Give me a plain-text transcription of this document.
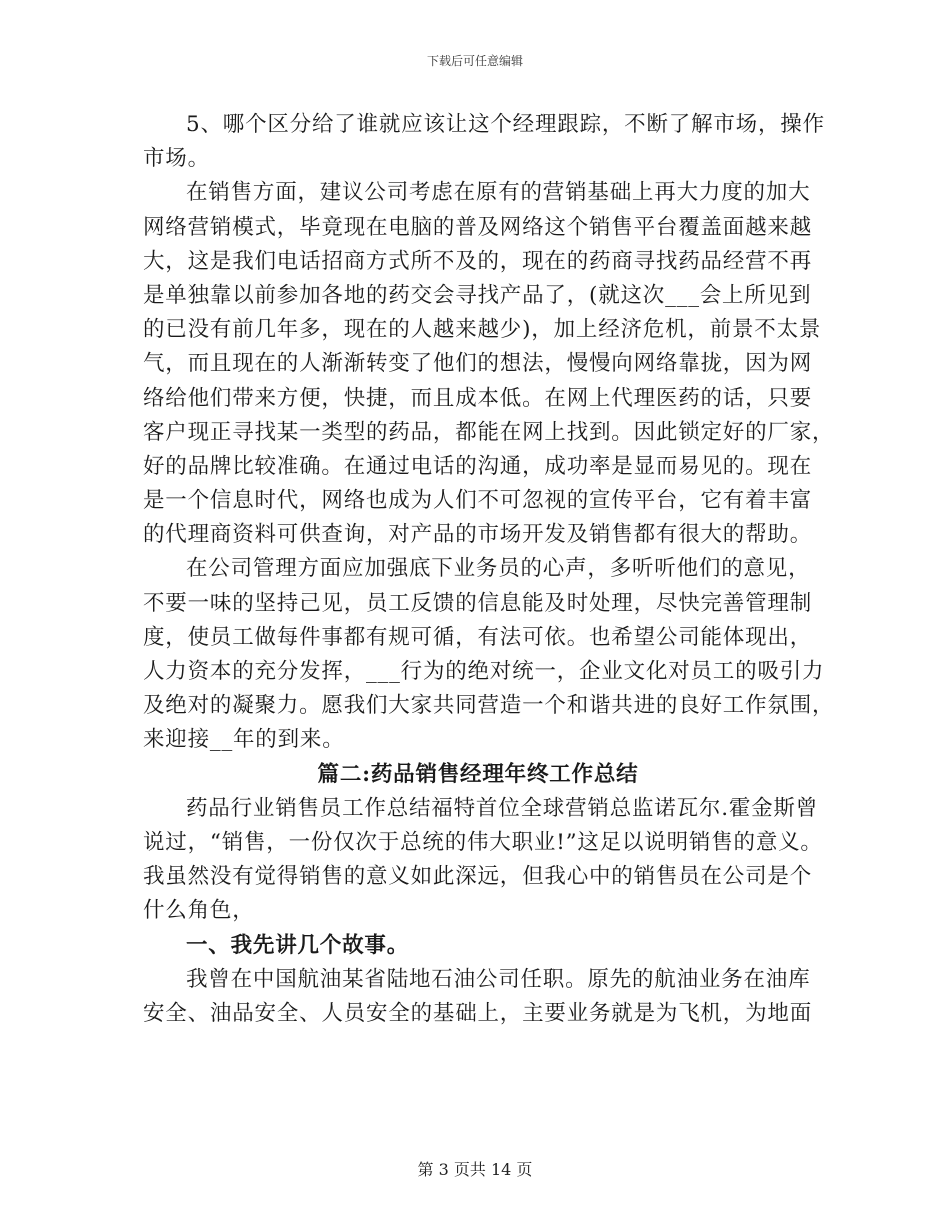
下载后可任意编辑
5、哪个区分给了谁就应该让这个经理跟踪，不断了解市场，操作
市场。
在销售方面，建议公司考虑在原有的营销基础上再大力度的加大
网络营销模式，毕竟现在电脑的普及网络这个销售平台覆盖面越来越
大，这是我们电话招商方式所不及的，现在的药商寻找药品经营不再
是单独靠以前参加各地的药交会寻找产品了，(就这次___会上所见到
的已没有前几年多，现在的人越来越少)，加上经济危机，前景不太景
气，而且现在的人渐渐转变了他们的想法，慢慢向网络靠拢，因为网
络给他们带来方便，快捷，而且成本低。在网上代理医药的话，只要
客户现正寻找某一类型的药品，都能在网上找到。因此锁定好的厂家，
好的品牌比较准确。在通过电话的沟通，成功率是显而易见的。现在
是一个信息时代，网络也成为人们不可忽视的宣传平台，它有着丰富
的代理商资料可供查询，对产品的市场开发及销售都有很大的帮助。
在公司管理方面应加强底下业务员的心声，多听听他们的意见，
不要一味的坚持己见，员工反馈的信息能及时处理，尽快完善管理制
度，使员工做每件事都有规可循，有法可依。也希望公司能体现出，
人力资本的充分发挥，___行为的绝对统一，企业文化对员工的吸引力
及绝对的凝聚力。愿我们大家共同营造一个和谐共进的良好工作氛围，
来迎接__年的到来。
篇二:药品销售经理年终工作总结
药品行业销售员工作总结福特首位全球营销总监诺瓦尔.霍金斯曾
说过，“销售，一份仅次于总统的伟大职业!”这足以说明销售的意义。
我虽然没有觉得销售的意义如此深远，但我心中的销售员在公司是个
什么角色，
一、我先讲几个故事。
我曾在中国航油某省陆地石油公司任职。原先的航油业务在油库
安全、油品安全、人员安全的基础上，主要业务就是为飞机，为地面
第 3 页共 14 页
